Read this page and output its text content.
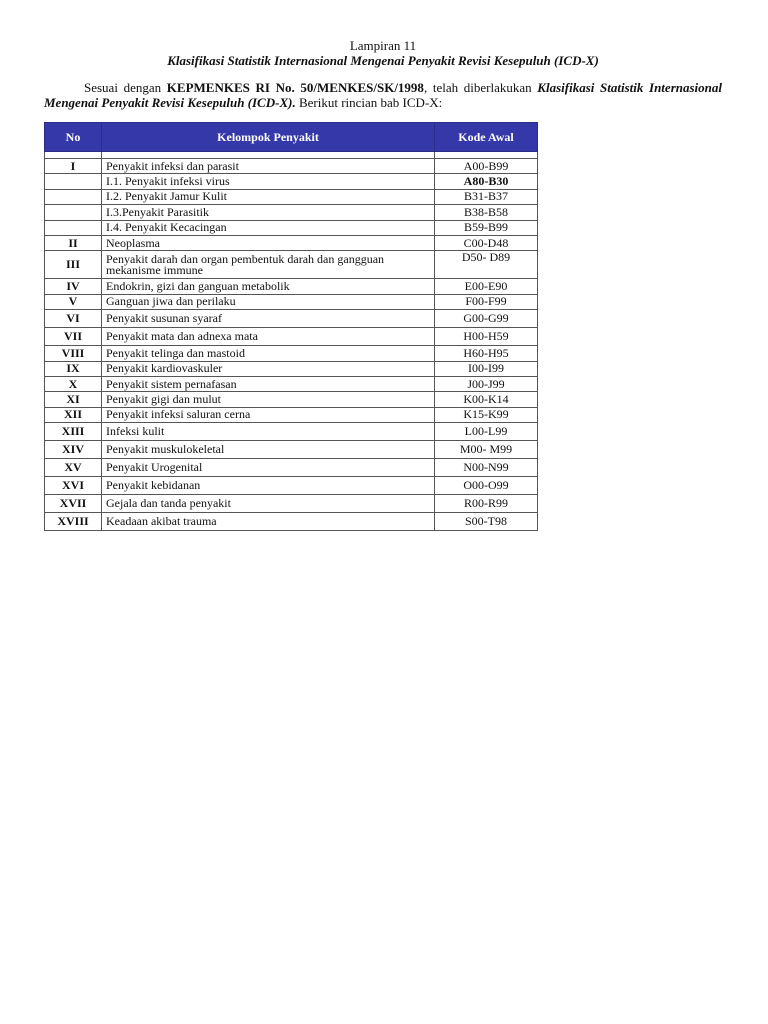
Lampiran 11
Klasifikasi Statistik Internasional Mengenai Penyakit Revisi Kesepuluh (ICD-X)
Sesuai dengan KEPMENKES RI No. 50/MENKES/SK/1998, telah diberlakukan Klasifikasi Statistik Internasional Mengenai Penyakit Revisi Kesepuluh (ICD-X). Berikut rincian bab ICD-X:
No	Kelompok Penyakit	Kode Awal

I	Penyakit infeksi dan parasit	A00-B99
	I.1. Penyakit infeksi virus	A80-B30
	I.2. Penyakit Jamur Kulit	B31-B37
	I.3.Penyakit Parasitik	B38-B58
	I.4. Penyakit Kecacingan	B59-B99
II	Neoplasma	C00-D48
III	Penyakit darah dan organ pembentuk darah dan gangguan mekanisme immune	D50- D89
IV	Endokrin, gizi dan ganguan metabolik	E00-E90
V	Ganguan jiwa dan perilaku	F00-F99
VI	Penyakit susunan syaraf	G00-G99
VII	Penyakit mata dan adnexa mata	H00-H59
VIII	Penyakit telinga dan mastoid	H60-H95
IX	Penyakit kardiovaskuler	I00-I99
X	Penyakit sistem pernafasan	J00-J99
XI	Penyakit gigi dan mulut	K00-K14
XII	Penyakit infeksi saluran cerna	K15-K99
XIII	Infeksi kulit	L00-L99
XIV	Penyakit muskulokeletal	M00- M99
XV	Penyakit Urogenital	N00-N99
XVI	Penyakit kebidanan	O00-O99
XVII	Gejala dan tanda penyakit	R00-R99
XVIII	Keadaan akibat trauma	S00-T98
